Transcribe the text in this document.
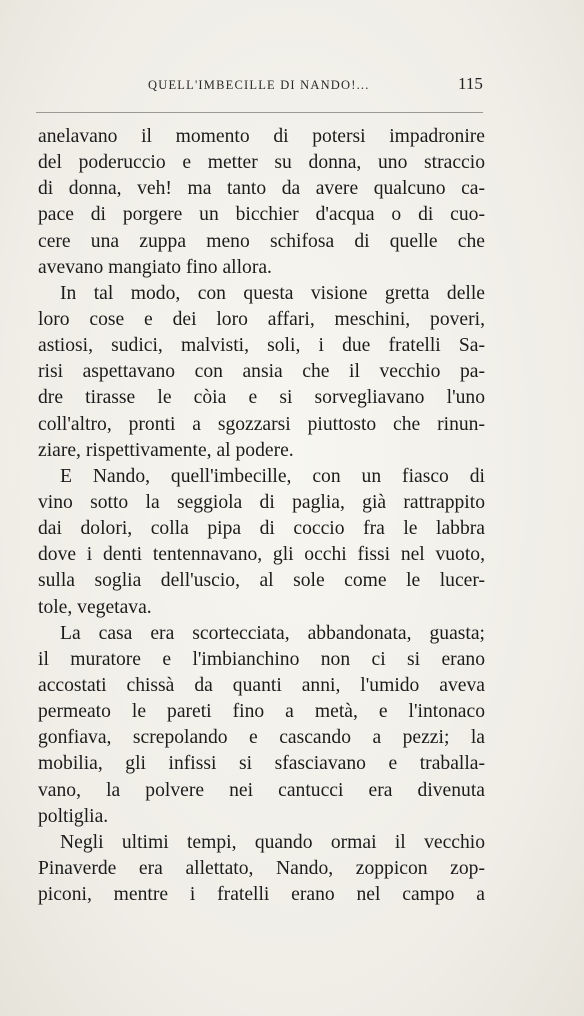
QUELL'IMBECILLE DI NANDO!...	115
anelavano il momento di potersi impadronire
del poderuccio e metter su donna, uno straccio
di donna, veh! ma tanto da avere qualcuno ca-
pace di porgere un bicchier d'acqua o di cuo-
cere una zuppa meno schifosa di quelle che
avevano mangiato fino allora.
In tal modo, con questa visione gretta delle
loro cose e dei loro affari, meschini, poveri,
astiosi, sudici, malvisti, soli, i due fratelli Sa-
risi aspettavano con ansia che il vecchio pa-
dre tirasse le còia e si sorvegliavano l'uno
coll'altro, pronti a sgozzarsi piuttosto che rinun-
ziare, rispettivamente, al podere.
E Nando, quell'imbecille, con un fiasco di
vino sotto la seggiola di paglia, già rattrappito
dai dolori, colla pipa di coccio fra le labbra
dove i denti tentennavano, gli occhi fissi nel vuoto,
sulla soglia dell'uscio, al sole come le lucer-
tole, vegetava.
La casa era scortecciata, abbandonata, guasta;
il muratore e l'imbianchino non ci si erano
accostati chissà da quanti anni, l'umido aveva
permeato le pareti fino a metà, e l'intonaco
gonfiava, screpolando e cascando a pezzi; la
mobilia, gli infissi si sfasciavano e traballa-
vano, la polvere nei cantucci era divenuta
poltiglia.
Negli ultimi tempi, quando ormai il vecchio
Pinaverde era allettato, Nando, zoppicon zop-
piconi, mentre i fratelli erano nel campo a
